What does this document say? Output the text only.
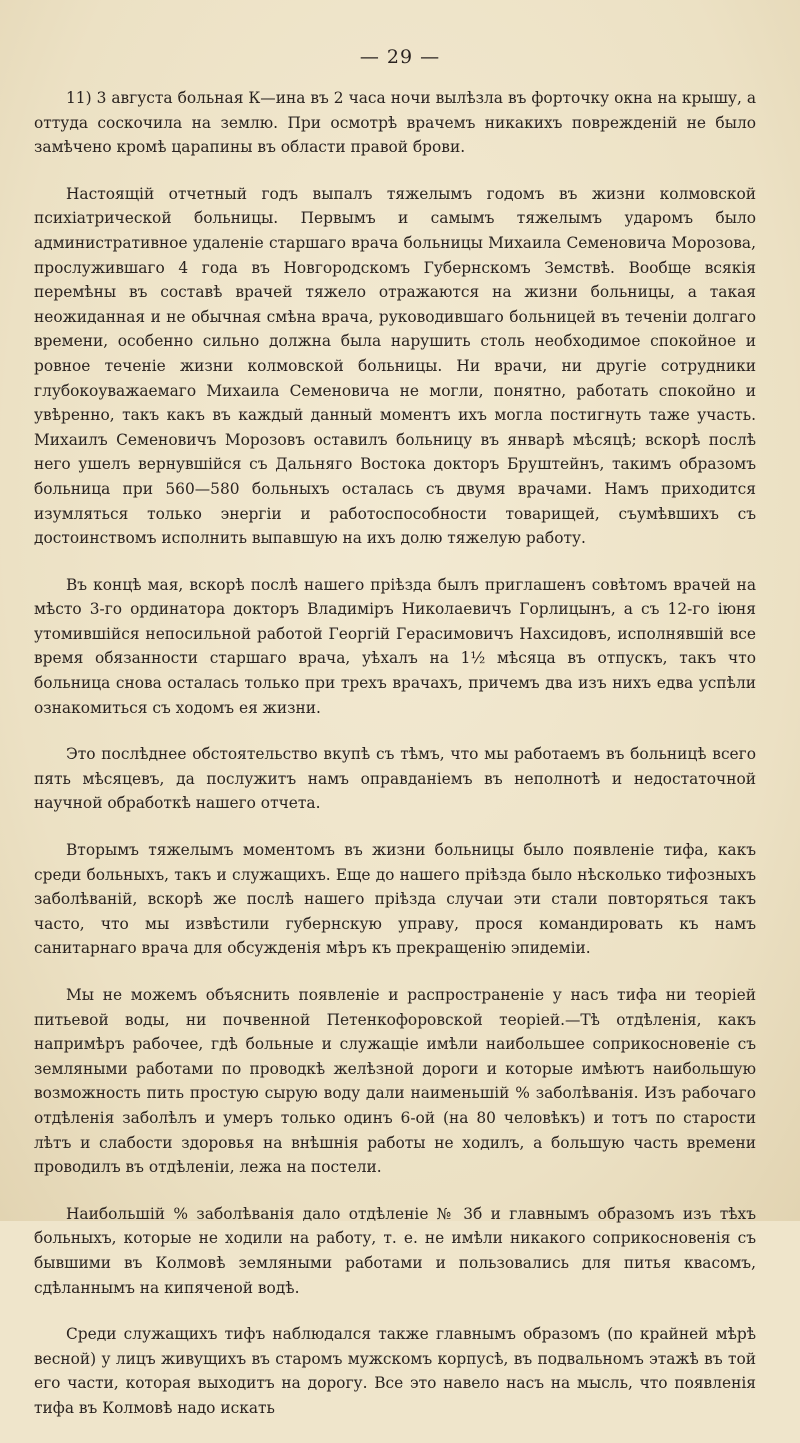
— 29 —

11) 3 августа больная К—ина въ 2 часа ночи вылѣзла въ форточку окна на крышу, а оттуда соскочила на землю. При осмотрѣ врачемъ никакихъ поврежденій не было замѣчено кромѣ царапины въ области правой брови.

Настоящій отчетный годъ выпалъ тяжелымъ годомъ въ жизни колмовской психіатрической больницы. Первымъ и самымъ тяжелымъ ударомъ было административное удаленіе старшаго врача больницы Михаила Семеновича Морозова, прослужившаго 4 года въ Новгородскомъ Губернскомъ Земствѣ. Вообще всякія перемѣны въ составѣ врачей тяжело отражаются на жизни больницы, а такая неожиданная и не обычная смѣна врача, руководившаго больницей въ теченіи долгаго времени, особенно сильно должна была нарушить столь необходимое спокойное и ровное теченіе жизни колмовской больницы. Ни врачи, ни другіе сотрудники глубокоуважаемаго Михаила Семеновича не могли, понятно, работать спокойно и увѣренно, такъ какъ въ каждый данный моментъ ихъ могла постигнуть таже участь. Михаилъ Семеновичъ Морозовъ оставилъ больницу въ январѣ мѣсяцѣ; вскорѣ послѣ него ушелъ вернувшійся съ Дальняго Востока докторъ Бруштейнъ, такимъ образомъ больница при 560—580 больныхъ осталась съ двумя врачами. Намъ приходится изумляться только энергіи и работоспособности товарищей, съумѣвшихъ съ достоинствомъ исполнить выпавшую на ихъ долю тяжелую работу.

Въ концѣ мая, вскорѣ послѣ нашего пріѣзда былъ приглашенъ совѣтомъ врачей на мѣсто 3-го ординатора докторъ Владиміръ Николаевичъ Горлицынъ, а съ 12-го іюня утомившійся непосильной работой Георгій Герасимовичъ Нахсидовъ, исполнявшій все время обязанности старшаго врача, уѣхалъ на 1½ мѣсяца въ отпускъ, такъ что больница снова осталась только при трехъ врачахъ, причемъ два изъ нихъ едва успѣли ознакомиться съ ходомъ ея жизни.

Это послѣднее обстоятельство вкупѣ съ тѣмъ, что мы работаемъ въ больницѣ всего пять мѣсяцевъ, да послужитъ намъ оправданіемъ въ неполнотѣ и недостаточной научной обработкѣ нашего отчета.

Вторымъ тяжелымъ моментомъ въ жизни больницы было появленіе тифа, какъ среди больныхъ, такъ и служащихъ. Еще до нашего пріѣзда было нѣсколько тифозныхъ заболѣваній, вскорѣ же послѣ нашего пріѣзда случаи эти стали повторяться такъ часто, что мы извѣстили губернскую управу, прося командировать къ намъ санитарнаго врача для обсужденія мѣръ къ прекращенію эпидеміи.

Мы не можемъ объяснить появленіе и распространеніе у насъ тифа ни теоріей питьевой воды, ни почвенной Петенкофоровской теоріей.—Тѣ отдѣленія, какъ напримѣръ рабочее, гдѣ больные и служащіе имѣли наибольшее соприкосновеніе съ земляными работами по проводкѣ желѣзной дороги и которые имѣютъ наибольшую возможность пить простую сырую воду дали наименьшій % заболѣванія. Изъ рабочаго отдѣленія заболѣлъ и умеръ только одинъ 6-ой (на 80 человѣкъ) и тотъ по старости лѣтъ и слабости здоровья на внѣшнія работы не ходилъ, а большую часть времени проводилъ въ отдѣленіи, лежа на постели.

Наибольшій % заболѣванія дало отдѣленіе № 3б и главнымъ образомъ изъ тѣхъ больныхъ, которые не ходили на работу, т. е. не имѣли никакого соприкосновенія съ бывшими въ Колмовѣ земляными работами и пользовались для питья квасомъ, сдѣланнымъ на кипяченой водѣ.

Среди служащихъ тифъ наблюдался также главнымъ образомъ (по крайней мѣрѣ весной) у лицъ живущихъ въ старомъ мужскомъ корпусѣ, въ подвальномъ этажѣ въ той его части, которая выходитъ на дорогу. Все это навело насъ на мысль, что появленія тифа въ Колмовѣ надо искать
